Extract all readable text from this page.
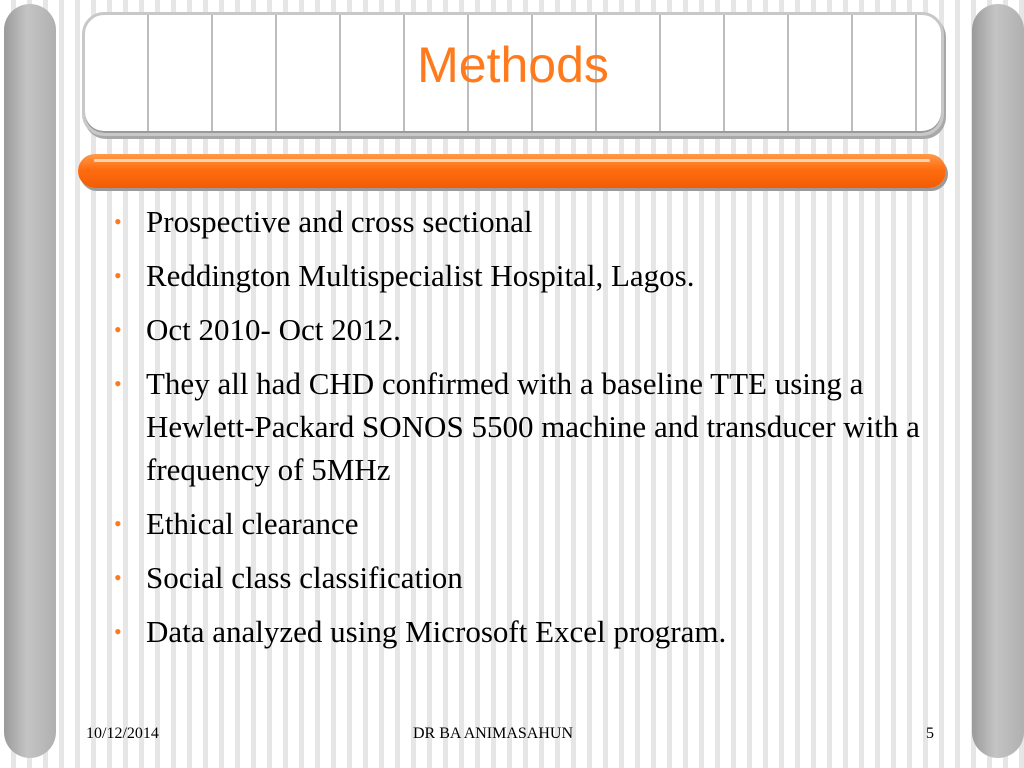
Methods
• Prospective and cross sectional
• Reddington Multispecialist Hospital, Lagos.
• Oct 2010- Oct 2012.
• They all had CHD confirmed with a baseline TTE using a Hewlett-Packard SONOS 5500 machine and transducer with a frequency of 5MHz
• Ethical clearance
• Social class classification
• Data analyzed using Microsoft Excel program.
10/12/2014	DR BA ANIMASAHUN	5
